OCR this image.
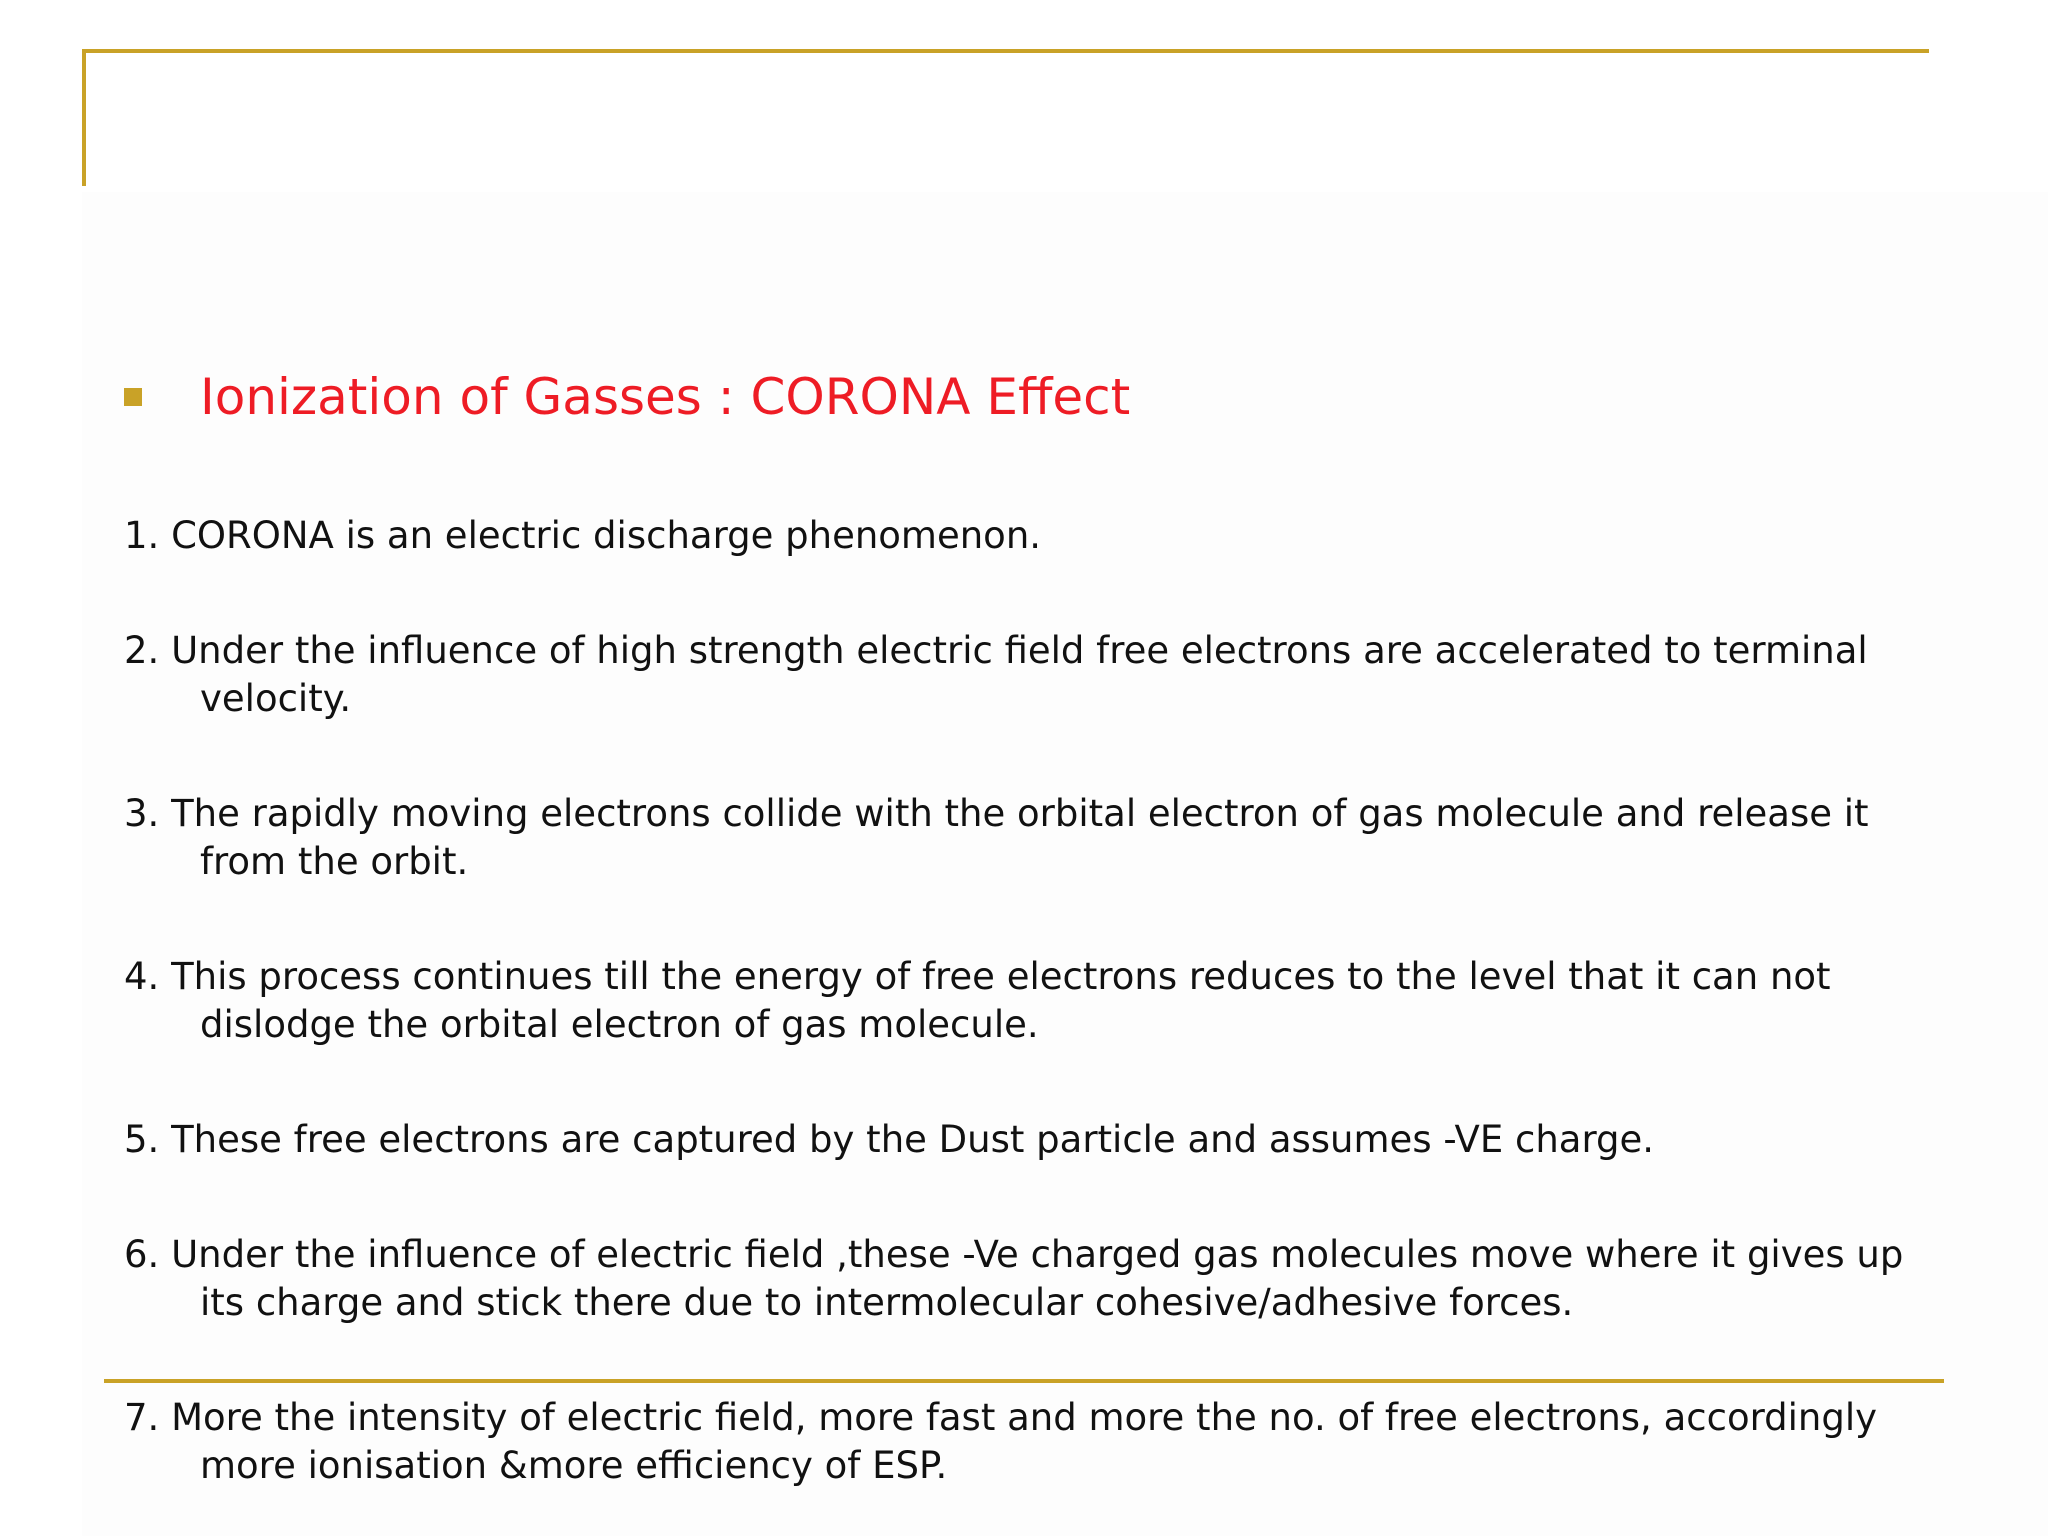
Ionization of Gasses : CORONA Effect
1. CORONA is an electric discharge phenomenon.
2. Under the influence of high strength electric field free electrons are accelerated to terminal velocity.
3. The rapidly moving electrons collide with the orbital electron of gas molecule and release it from the orbit.
4. This process continues till the energy of free electrons reduces to the level that it can not dislodge the orbital electron of gas molecule.
5. These free electrons are captured by the Dust particle and assumes -VE charge.
6. Under the influence of electric field ,these -Ve charged gas molecules move where it gives up its charge and stick there due to intermolecular cohesive/adhesive forces.
7. More the intensity of electric field, more fast and more the no. of free electrons, accordingly more ionisation &more efficiency of ESP.
